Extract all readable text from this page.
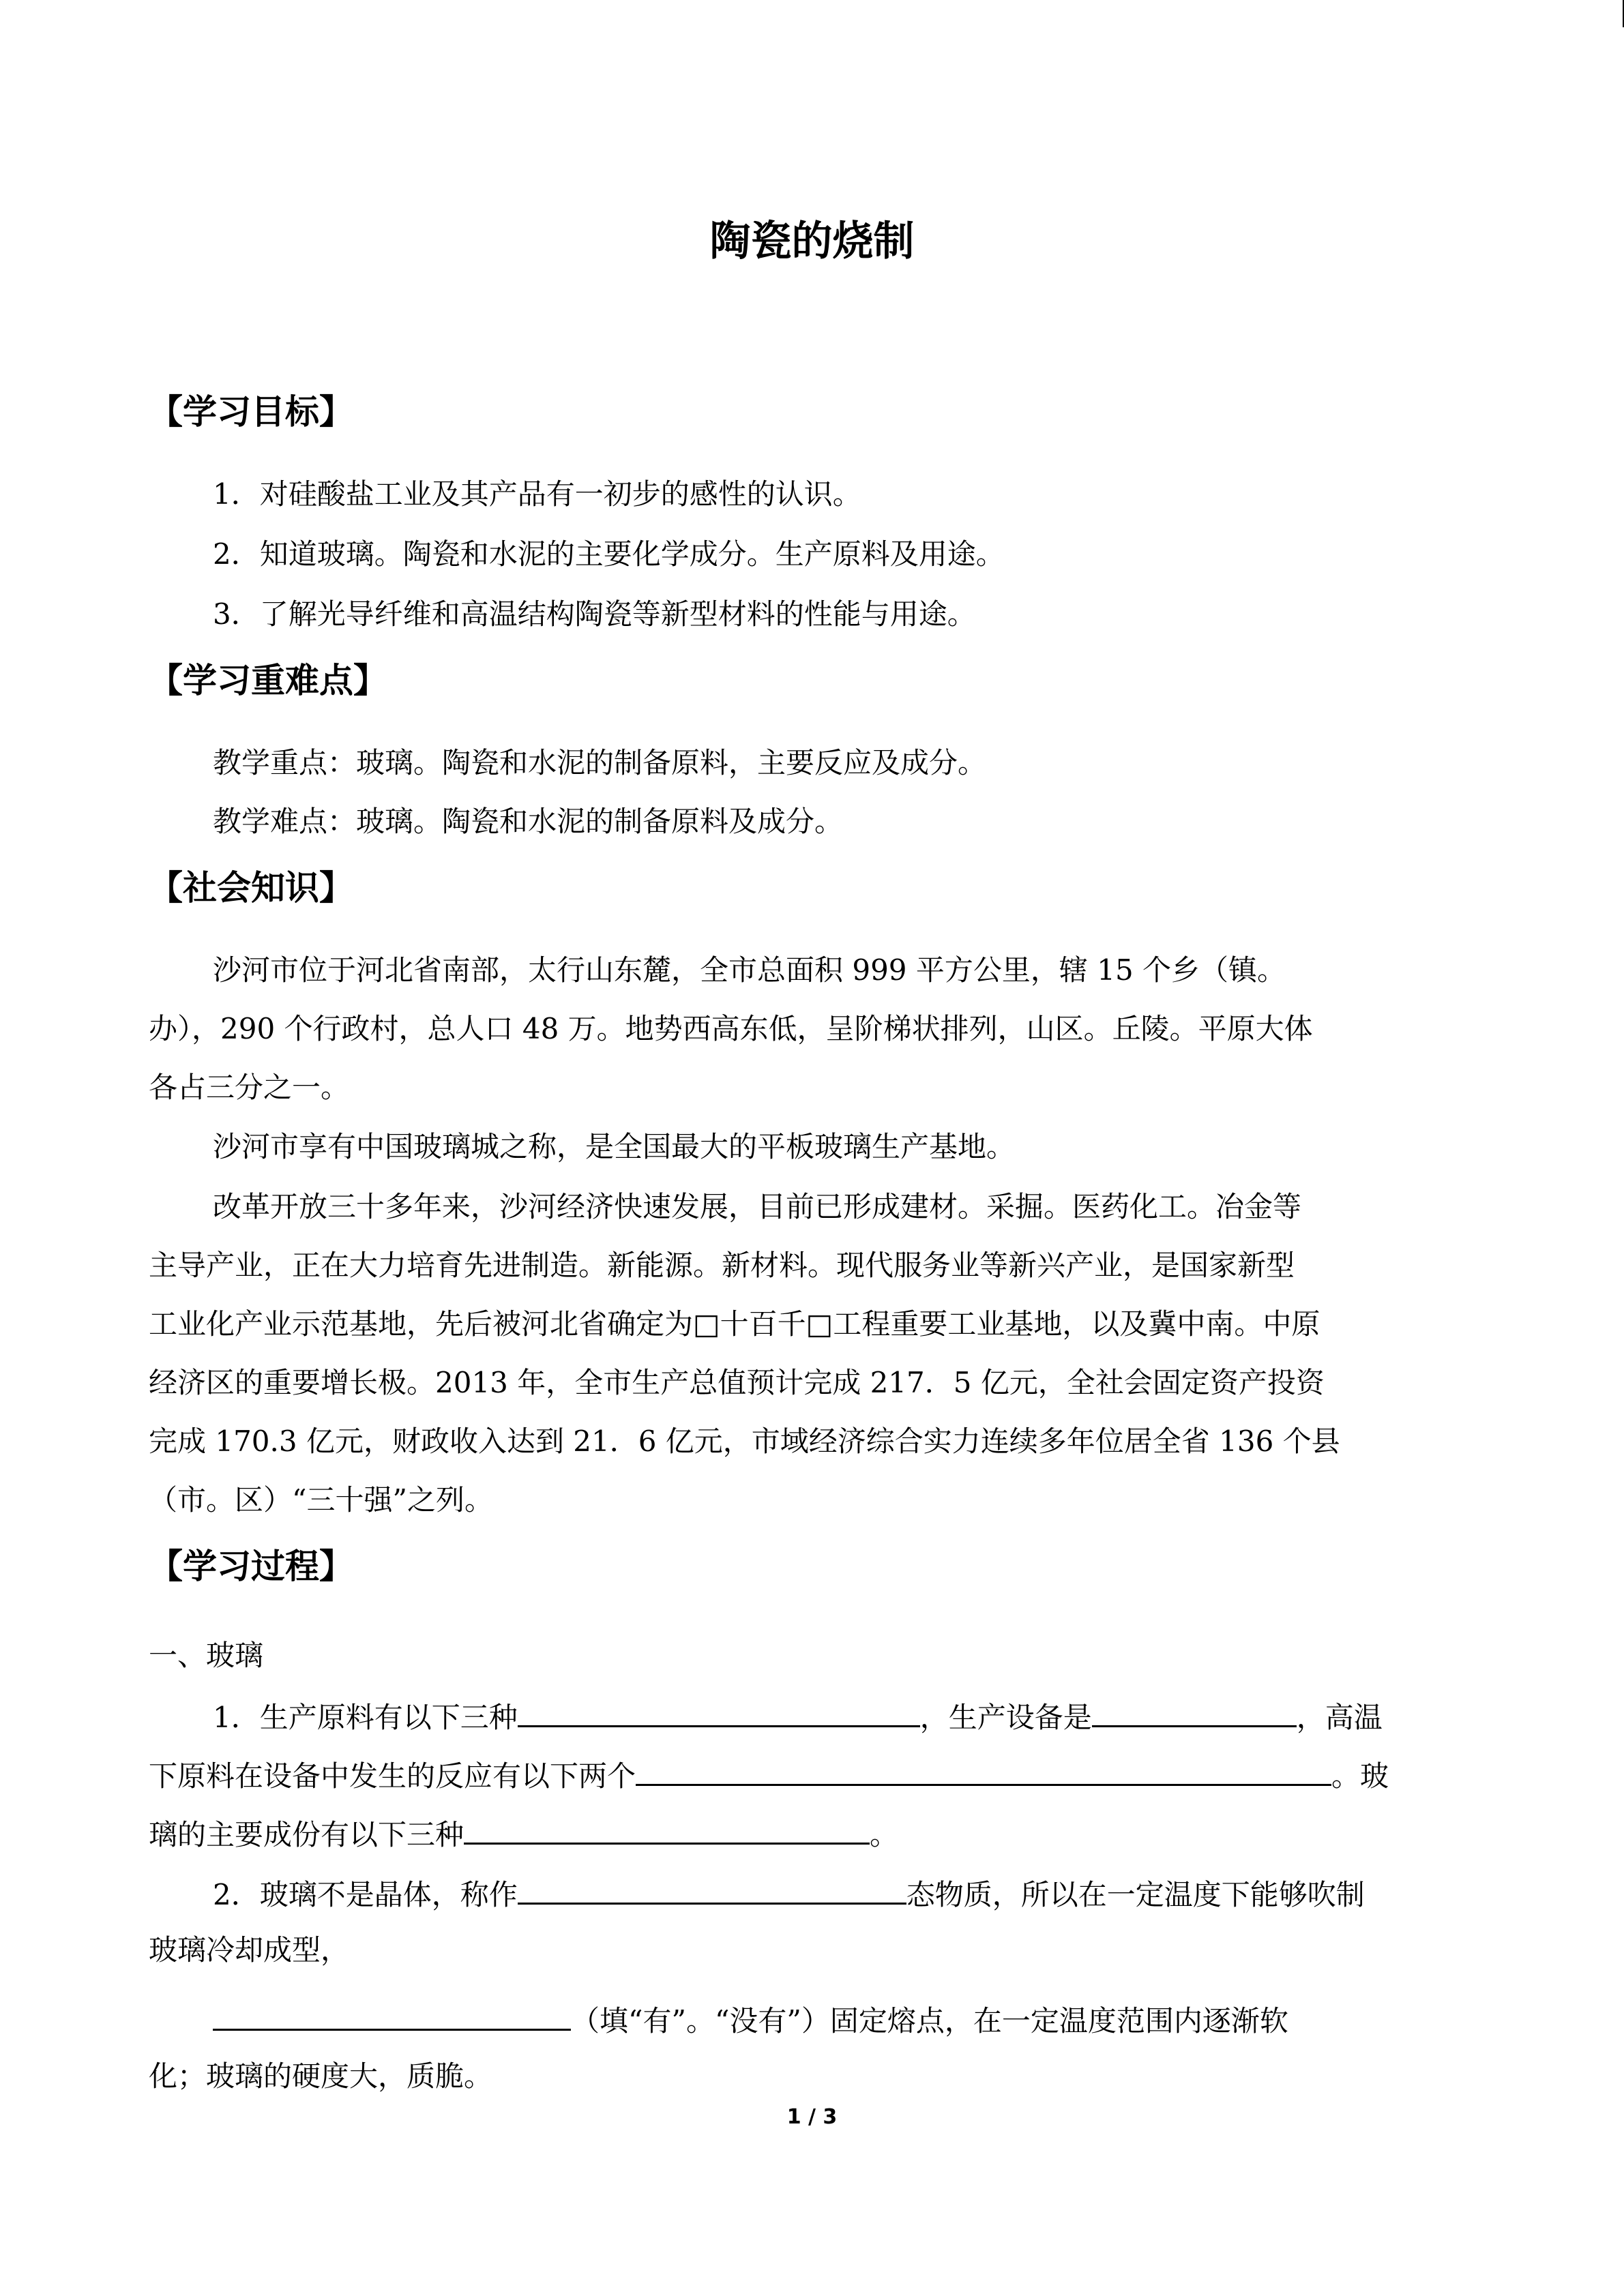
陶瓷的烧制
【学习目标】
1．对硅酸盐工业及其产品有一初步的感性的认识。
2．知道玻璃。陶瓷和水泥的主要化学成分。生产原料及用途。
3．了解光导纤维和高温结构陶瓷等新型材料的性能与用途。
【学习重难点】
教学重点：玻璃。陶瓷和水泥的制备原料，主要反应及成分。
教学难点：玻璃。陶瓷和水泥的制备原料及成分。
【社会知识】
沙河市位于河北省南部，太行山东麓，全市总面积 999 平方公里，辖 15 个乡（镇。
办），290 个行政村，总人口 48 万。地势西高东低，呈阶梯状排列，山区。丘陵。平原大体
各占三分之一。
沙河市享有中国玻璃城之称，是全国最大的平板玻璃生产基地。
改革开放三十多年来，沙河经济快速发展，目前已形成建材。采掘。医药化工。冶金等
主导产业，正在大力培育先进制造。新能源。新材料。现代服务业等新兴产业，是国家新型
工业化产业示范基地，先后被河北省确定为□十百千□工程重要工业基地，以及冀中南。中原
经济区的重要增长极。2013 年，全市生产总值预计完成 217．5 亿元，全社会固定资产投资
完成 170.3 亿元，财政收入达到 21．6 亿元，市域经济综合实力连续多年位居全省 136 个县
（市。区）“三十强”之列。
【学习过程】
一、玻璃
1．生产原料有以下三种	，生产设备是	，高温
下原料在设备中发生的反应有以下两个	。玻
璃的主要成份有以下三种	。
2．玻璃不是晶体，称作	态物质，所以在一定温度下能够吹制
玻璃冷却成型，
（填“有”。“没有”）固定熔点，在一定温度范围内逐渐软
化；玻璃的硬度大，质脆。
1 / 3
